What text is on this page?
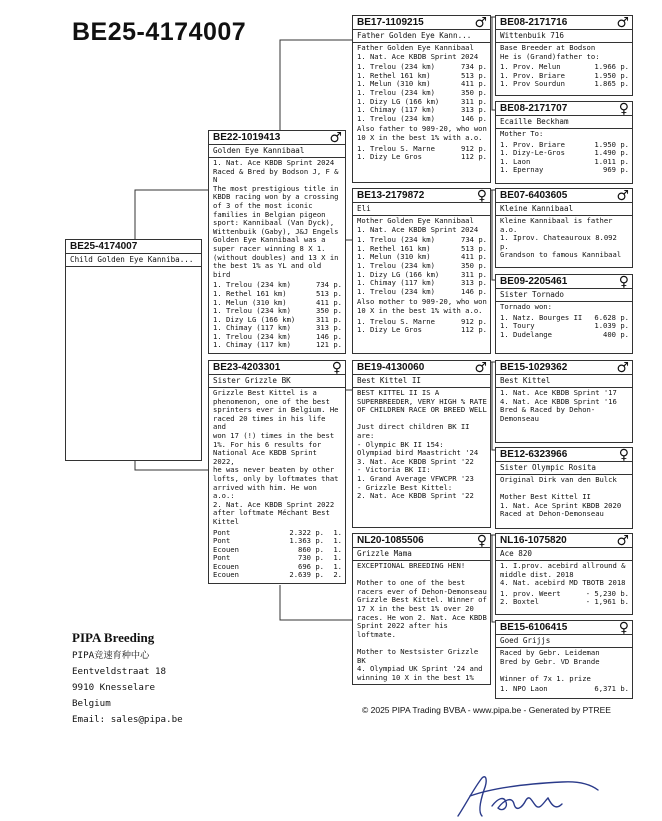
BE25-4174007
BE25-4174007
Child Golden Eye Kanniba...
BE22-1019413	♂
Golden Eye Kannibaal
1. Nat. Ace KBDB Sprint 2024
Raced & Bred by Bodson J, F & N
The most prestigious title in
KBDB racing won by a crossing
of 3 of the most iconic
families in Belgian pigeon
sport: Kannibaal (Van Dyck),
Wittenbuik (Gaby), J&J Engels
Golden Eye Kannibaal was a
super racer winning 8 X 1.
(without doubles) and 13 X in
the best 1% as YL and old bird
1. Trelou (234 km)	734 p.
1. Rethel 161 km)	513 p.
1. Melun (310 km)	411 p.
1. Trelou (234 km)	350 p.
1. Dizy LG (166 km)	311 p.
1. Chimay (117 km)	313 p.
1. Trelou (234 km)	146 p.
1. Chimay (117 km)	121 p.
BE23-4203301	♀
Sister Grizzle BK
Grizzle Best Kittel is a
phenomenon, one of the best
sprinters ever in Belgium. He
raced 20 times in his life and
won 17 (!) times in the best
1%. For his 6 results for
National Ace KBDB Sprint 2022,
he was never beaten by other
lofts, only by loftmates that
arrived with him. He won a.o.:
2. Nat. Ace KBDB Sprint 2022
after loftmate Méchant Best
Kittel
Pont	2.322 p.	1.
Pont	1.363 p.	1.
Ecouen	860 p.	1.
Pont	730 p.	1.
Ecouen	696 p.	1.
Ecouen	2.639 p.	2.
BE17-1109215	♂
Father Golden Eye Kann...
Father Golden Eye Kannibaal
1. Nat. Ace KBDB Sprint 2024
1. Trelou (234 km)	734 p.
1. Rethel 161 km)	513 p.
1. Melun (310 km)	411 p.
1. Trelou (234 km)	350 p.
1. Dizy LG (166 km)	311 p.
1. Chimay (117 km)	313 p.
1. Trelou (234 km)	146 p.
Also father to 909-20, who won
10 X in the best 1% with a.o.
1. Trelou S. Marne	912 p.
1. Dizy Le Gros	112 p.
BE13-2179872	♀
Eli
Mother Golden Eye Kannibaal
1. Nat. Ace KBDB Sprint 2024
1. Trelou (234 km)	734 p.
1. Rethel 161 km)	513 p.
1. Melun (310 km)	411 p.
1. Trelou (234 km)	350 p.
1. Dizy LG (166 km)	311 p.
1. Chimay (117 km)	313 p.
1. Trelou (234 km)	146 p.
Also mother to 909-20, who won
10 X in the best 1% with a.o.
1. Trelou S. Marne	912 p.
1. Dizy Le Gros	112 p.
BE19-4130060	♂
Best Kittel II
BEST KITTEL II IS A
SUPERBREEDER, VERY HIGH % RATE
OF CHILDREN RACE OR BREED WELL

Just direct children BK II are:
- Olympic BK II 154:
Olympiad bird Maastricht '24
3. Nat. Ace KBDB Sprint '22
- Victoria BK II:
1. Grand Average VFWCPR '23
- Grizzle Best Kittel:
2. Nat. Ace KBDB Sprint '22
NL20-1085506	♀
Grizzle Mama
EXCEPTIONAL BREEDING HEN!

Mother to one of the best
racers ever of Dehon-Demonseau
Grizzle Best Kittel. Winner of
17 X in the best 1% over 20
races. He won 2. Nat. Ace KBDB
Sprint 2022 after his loftmate.

Mother to Nestsister Grizzle BK
4. Olympiad UK Sprint '24 and
winning 10 X in the best 1%
BE08-2171716	♂
Wittenbuik 716
Base Breeder at Bodson
He is (Grand)father to:
1. Prov. Melun	1.966 p.
1. Prov. Briare	1.950 p.
1. Prov Sourdun	1.865 p.
BE08-2171707	♀
Ecaille Beckham
Mother To:
1. Prov. Briare	1.950 p.
1. Dizy-Le-Gros	1.490 p.
1. Laon	1.011 p.
1. Epernay	969 p.
BE07-6403605	♂
Kleine Kannibaal
Kleine Kannibaal is father a.o.
1. Iprov. Chateauroux 8.092 p.
Grandson to famous Kannibaal
BE09-2205461	♀
Sister Tornado
Tornado won:
1. Natz. Bourges II	6.628 p.
1. Toury	1.039 p.
1. Dudelange	400 p.
BE15-1029362	♂
Best Kittel
1. Nat. Ace KBDB Sprint '17
4. Nat. Ace KBDB Sprint '16
Bred & Raced by Dehon-Demonseau
BE12-6323966	♀
Sister Olympic Rosita
Original Dirk van den Bulck

Mother Best Kittel II
1. Nat. Ace Sprint KBDB 2020
Raced at Dehon-Demonseau
NL16-1075820	♂
Ace 820
1. I.prov. acebird allround &
middle dist. 2018
4. Nat. acebird MD TBOTB 2018
1. prov. Weert	- 5,230 b.
2. Boxtel	- 1,961 b.
BE15-6106415	♀
Goed Grijjs
Raced by Gebr. Leideman
Bred by Gebr. VD Brande

Winner of 7x 1. prize
1. NPO Laon	6,371 b.
PIPA Breeding
PIPA竞速育种中心
Eentveldstraat 18
9910 Knesselare
Belgium
Email: sales@pipa.be
© 2025 PIPA Trading BVBA - www.pipa.be - Generated by PTREE
